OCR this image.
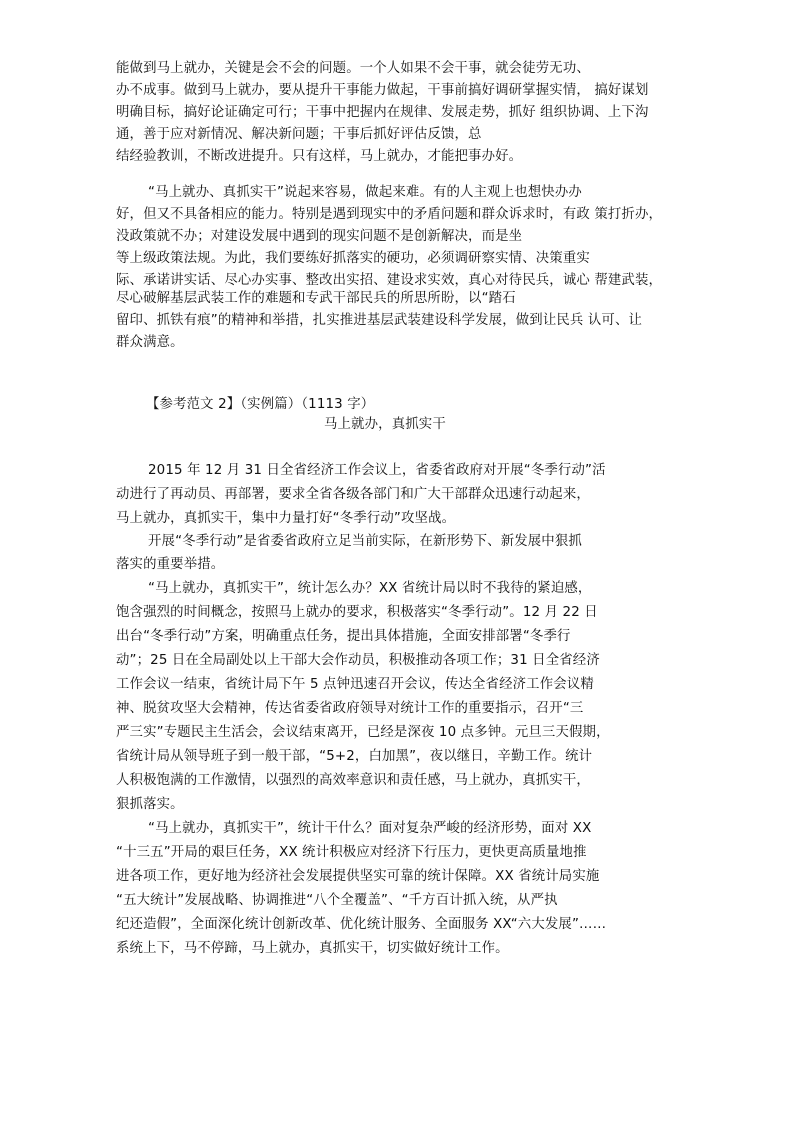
能做到马上就办，关键是会不会的问题。一个人如果不会干事，就会徒劳无功、
办不成事。做到马上就办，要从提升干事能力做起，干事前搞好调研掌握实情， 搞好谋划
明确目标，搞好论证确定可行；干事中把握内在规律、发展走势，抓好 组织协调、上下沟
通，善于应对新情况、解决新问题；干事后抓好评估反馈，总
结经验教训，不断改进提升。只有这样，马上就办，才能把事办好。
“马上就办、真抓实干”说起来容易，做起来难。有的人主观上也想快办办
好，但又不具备相应的能力。特别是遇到现实中的矛盾问题和群众诉求时，有政 策打折办，
没政策就不办；对建设发展中遇到的现实问题不是创新解决，而是坐
等上级政策法规。为此，我们要练好抓落实的硬功，必须调研察实情、决策重实
际、承诺讲实话、尽心办实事、整改出实招、建设求实效，真心对待民兵，诚心 帮建武装，
尽心破解基层武装工作的难题和专武干部民兵的所思所盼，以“踏石
留印、抓铁有痕”的精神和举措，扎实推进基层武装建设科学发展，做到让民兵 认可、让
群众满意。
【参考范文 2】（实例篇）（1113 字）
马上就办，真抓实干
2015 年 12 月 31 日全省经济工作会议上，省委省政府对开展“冬季行动”活
动进行了再动员、再部署，要求全省各级各部门和广大干部群众迅速行动起来，
马上就办，真抓实干，集中力量打好“冬季行动”攻坚战。
开展“冬季行动”是省委省政府立足当前实际，在新形势下、新发展中狠抓
落实的重要举措。
“马上就办，真抓实干”，统计怎么办？XX 省统计局以时不我待的紧迫感，
饱含强烈的时间概念，按照马上就办的要求，积极落实“冬季行动”。12 月 22 日
出台“冬季行动”方案，明确重点任务，提出具体措施，全面安排部署“冬季行
动”；25 日在全局副处以上干部大会作动员，积极推动各项工作；31 日全省经济
工作会议一结束，省统计局下午 5 点钟迅速召开会议，传达全省经济工作会议精
神、脱贫攻坚大会精神，传达省委省政府领导对统计工作的重要指示，召开“三
严三实”专题民主生活会，会议结束离开，已经是深夜 10 点多钟。元旦三天假期，
省统计局从领导班子到一般干部，“5+2，白加黑”，夜以继日，辛勤工作。统计
人积极饱满的工作激情，以强烈的高效率意识和责任感，马上就办，真抓实干，
狠抓落实。
“马上就办，真抓实干”，统计干什么？面对复杂严峻的经济形势，面对 XX
“十三五”开局的艰巨任务，XX 统计积极应对经济下行压力，更快更高质量地推
进各项工作，更好地为经济社会发展提供坚实可靠的统计保障。XX 省统计局实施
“五大统计”发展战略、协调推进“八个全覆盖”、“千方百计抓入统，从严执
纪还造假”，全面深化统计创新改革、优化统计服务、全面服务 XX“六大发展”……
系统上下，马不停蹄，马上就办，真抓实干，切实做好统计工作。
